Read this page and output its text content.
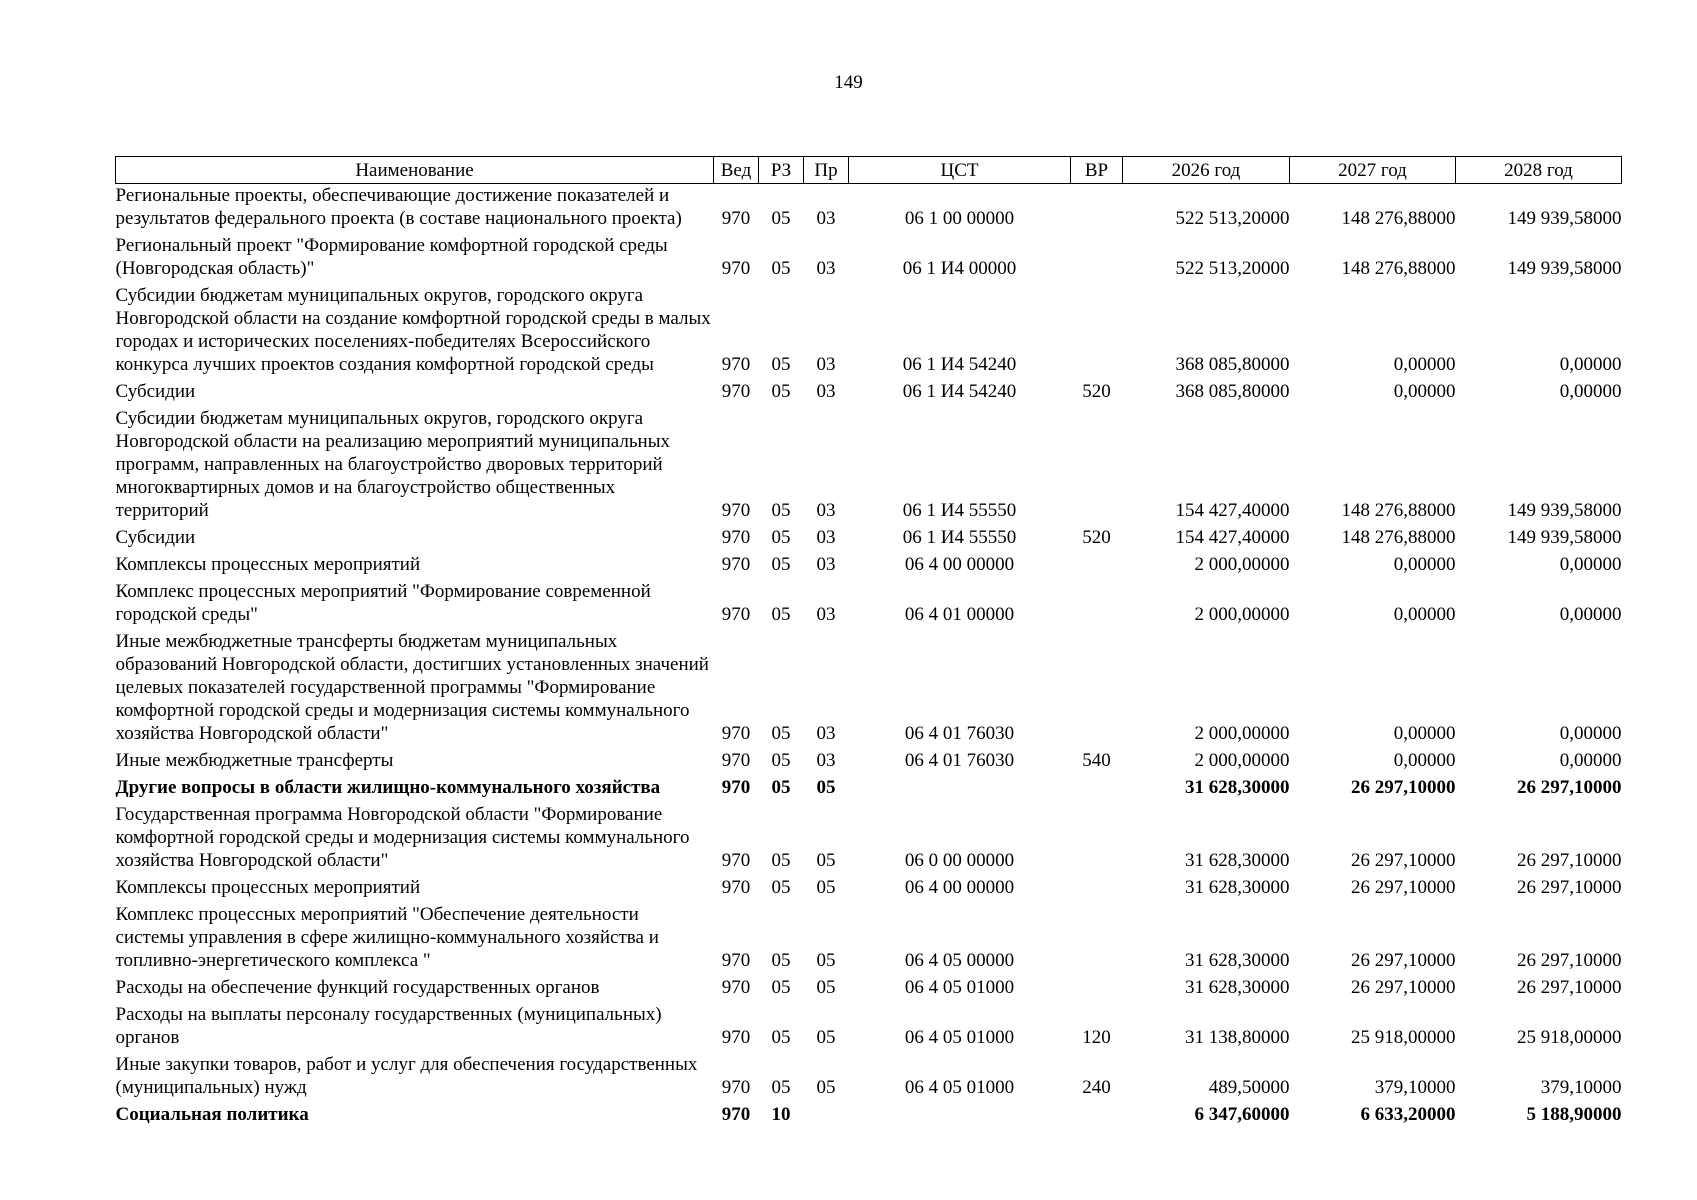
149
Наименование	Вед	РЗ	Пр	ЦСТ	ВР	2026 год	2027 год	2028 год
Региональные проекты, обеспечивающие достижение показателей и результатов федерального проекта (в составе национального проекта)	970	05	03	06 1 00 00000		522 513,20000	148 276,88000	149 939,58000
Региональный проект "Формирование комфортной городской среды (Новгородская область)"	970	05	03	06 1 И4 00000		522 513,20000	148 276,88000	149 939,58000
Субсидии бюджетам муниципальных округов, городского округа Новгородской области на создание комфортной городской среды в малых городах и исторических поселениях-победителях Всероссийского конкурса лучших проектов создания комфортной городской среды	970	05	03	06 1 И4 54240		368 085,80000	0,00000	0,00000
Субсидии	970	05	03	06 1 И4 54240	520	368 085,80000	0,00000	0,00000
Субсидии бюджетам муниципальных округов, городского округа Новгородской области на реализацию мероприятий муниципальных программ, направленных на благоустройство дворовых территорий многоквартирных домов и на благоустройство общественных территорий	970	05	03	06 1 И4 55550		154 427,40000	148 276,88000	149 939,58000
Субсидии	970	05	03	06 1 И4 55550	520	154 427,40000	148 276,88000	149 939,58000
Комплексы процессных мероприятий	970	05	03	06 4 00 00000		2 000,00000	0,00000	0,00000
Комплекс процессных мероприятий "Формирование современной городской среды"	970	05	03	06 4 01 00000		2 000,00000	0,00000	0,00000
Иные межбюджетные трансферты бюджетам муниципальных образований Новгородской области, достигших установленных значений целевых показателей государственной программы "Формирование комфортной городской среды и модернизация системы коммунального хозяйства Новгородской области"	970	05	03	06 4 01 76030		2 000,00000	0,00000	0,00000
Иные межбюджетные трансферты	970	05	03	06 4 01 76030	540	2 000,00000	0,00000	0,00000
Другие вопросы в области жилищно-коммунального хозяйства	970	05	05			31 628,30000	26 297,10000	26 297,10000
Государственная программа Новгородской области "Формирование комфортной городской среды и модернизация системы коммунального хозяйства Новгородской области"	970	05	05	06 0 00 00000		31 628,30000	26 297,10000	26 297,10000
Комплексы процессных мероприятий	970	05	05	06 4 00 00000		31 628,30000	26 297,10000	26 297,10000
Комплекс процессных мероприятий "Обеспечение деятельности системы управления в сфере жилищно-коммунального хозяйства и топливно-энергетического комплекса "	970	05	05	06 4 05 00000		31 628,30000	26 297,10000	26 297,10000
Расходы на обеспечение функций государственных органов	970	05	05	06 4 05 01000		31 628,30000	26 297,10000	26 297,10000
Расходы на выплаты персоналу государственных (муниципальных) органов	970	05	05	06 4 05 01000	120	31 138,80000	25 918,00000	25 918,00000
Иные закупки товаров, работ и услуг для обеспечения государственных (муниципальных) нужд	970	05	05	06 4 05 01000	240	489,50000	379,10000	379,10000
Социальная политика	970	10				6 347,60000	6 633,20000	5 188,90000
